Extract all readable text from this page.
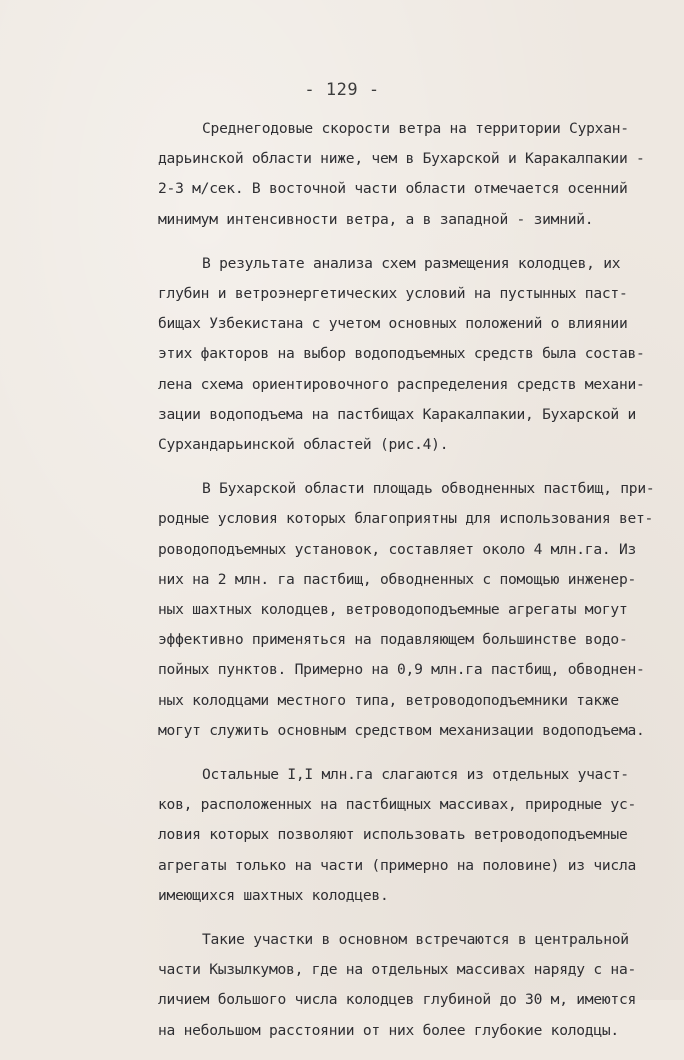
- 129 -
Среднегодовые скорости ветра на территории Сурхан-
дарьинской области ниже, чем в Бухарской и Каракалпакии -
2-3 м/сек. В восточной части области отмечается осенний
минимум интенсивности ветра, а в западной - зимний.
В результате анализа схем размещения колодцев, их
глубин и ветроэнергетических условий на пустынных паст-
бищах Узбекистана с учетом основных положений о влиянии
этих факторов на выбор водоподъемных средств была состав-
лена схема ориентировочного распределения средств механи-
зации водоподъема на пастбищах Каракалпакии, Бухарской и
Сурхандарьинской областей (рис.4).
В Бухарской области площадь обводненных пастбищ, при-
родные условия которых благоприятны для использования вет-
роводоподъемных установок, составляет около 4 млн.га. Из
них на 2 млн. га пастбищ, обводненных с помощью инженер-
ных шахтных колодцев, ветроводоподъемные агрегаты могут
эффективно применяться на подавляющем большинстве водо-
пойных пунктов. Примерно на 0,9 млн.га пастбищ, обводнен-
ных колодцами местного типа, ветроводоподъемники также
могут служить основным средством механизации водоподъема.
Остальные I,I млн.га слагаются из отдельных участ-
ков, расположенных на пастбищных массивах, природные ус-
ловия которых позволяют использовать ветроводоподъемные
агрегаты только на части (примерно на половине) из числа
имеющихся шахтных колодцев.
Такие участки в основном встречаются в центральной
части Кызылкумов, где на отдельных массивах наряду с на-
личием большого числа колодцев глубиной до 30 м, имеются
на небольшом расстоянии от них более глубокие колодцы.
